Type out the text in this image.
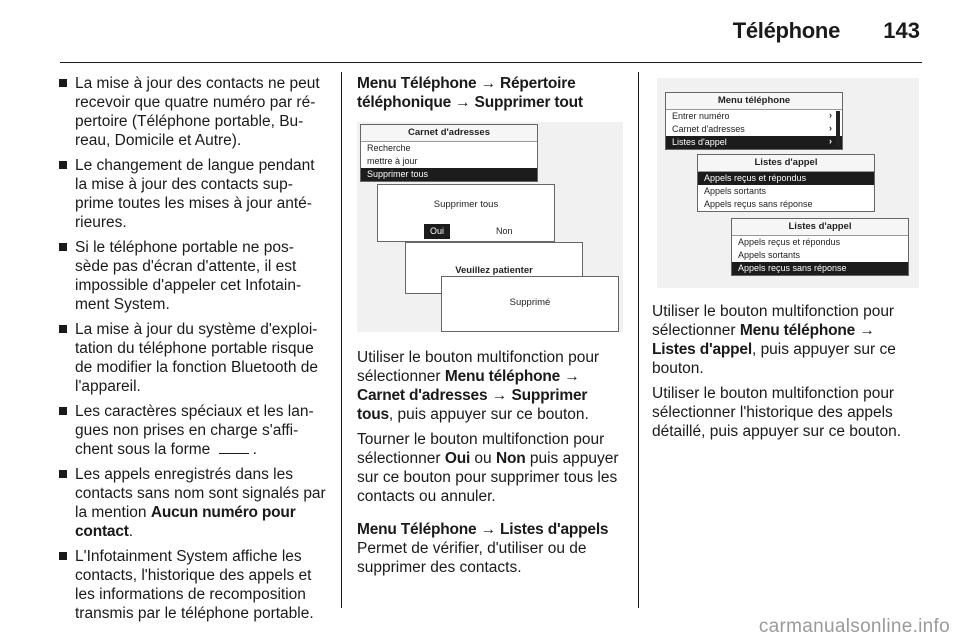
Téléphone 143
La mise à jour des contacts ne peut recevoir que quatre numéro par ré-pertoire (Téléphone portable, Bu-reau, Domicile et Autre).
Le changement de langue pendant la mise à jour des contacts sup-prime toutes les mises à jour anté-rieures.
Si le téléphone portable ne pos-sède pas d'écran d'attente, il est impossible d'appeler cet Infotain-ment System.
La mise à jour du système d'exploi-tation du téléphone portable risque de modifier la fonction Bluetooth de l'appareil.
Les caractères spéciaux et les lan-gues non prises en charge s'affi-chent sous la forme	.
Les appels enregistrés dans les contacts sans nom sont signalés par la mention Aucun numéro pour contact.
L'Infotainment System affiche les contacts, l'historique des appels et les informations de recomposition transmis par le téléphone portable.
Menu Téléphone → Répertoire téléphonique → Supprimer tout
Carnet d'adresses
Recherche
mettre à jour
Supprimer tous
Supprimer tous
Oui	Non
Veuillez patienter
Supprimé

Utiliser le bouton multifonction pour sélectionner Menu téléphone → Carnet d'adresses → Supprimer tous, puis appuyer sur ce bouton.

Tourner le bouton multifonction pour sélectionner Oui ou Non puis appuyer sur ce bouton pour supprimer tous les contacts ou annuler.

Menu Téléphone → Listes d'appels

Permet de vérifier, d'utiliser ou de supprimer des contacts.

Menu téléphone
Entrer numéro	›
Carnet d'adresses	›
Listes d'appel	›
Listes d'appel
Appels reçus et répondus
Appels sortants
Appels reçus sans réponse
Listes d'appel
Appels reçus et répondus
Appels sortants
Appels reçus sans réponse

Utiliser le bouton multifonction pour sélectionner Menu téléphone → Listes d'appel, puis appuyer sur ce bouton.

Utiliser le bouton multifonction pour sélectionner l'historique des appels détaillé, puis appuyer sur ce bouton.

carmanualsonline.info
